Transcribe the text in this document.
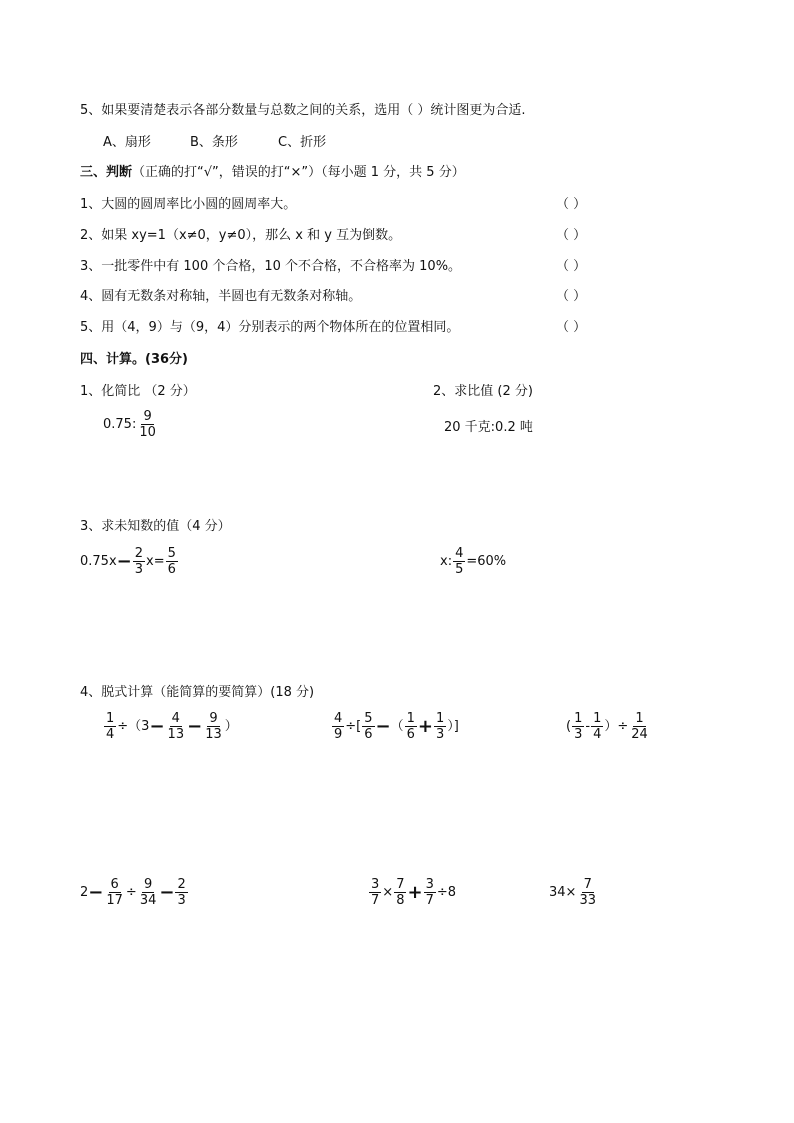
5、如果要清楚表示各部分数量与总数之间的关系，选用（ ）统计图更为合适.
A、扇形	B、条形	C、折形
三、判断（正确的打“√”，错误的打“×”）（每小题 1 分，共 5 分）
1、大圆的圆周率比小圆的圆周率大。	（ ）
2、如果 xy=1（x≠0，y≠0），那么 x 和 y 互为倒数。	（ ）
3、一批零件中有 100 个合格，10 个不合格，不合格率为 10%。	（ ）
4、圆有无数条对称轴，半圆也有无数条对称轴。	（ ）
5、用（4，9）与（9，4）分别表示的两个物体所在的位置相同。	（ ）
四、计算。(36分)
1、化简比 （2 分）	2、求比值 (2 分)
0.75: $\frac{9}{10}$	20 千克:0.2 吨
3、求未知数的值（4 分）
$0.75x - \frac{2}{3} x= \frac{5}{6}$	x: $\frac{4}{5} =60\%$
4、脱式计算（能简算的要简算）(18 分)
$\frac{1}{4} \div(3 - \frac{4}{13} - \frac{9}{13}$ ）	$\frac{4}{9}$ ÷[ $\frac{5}{6}$ − （ $\frac{1}{6} + \frac{1}{3}$ ）]	( $\frac{1}{3} - \frac{1}{4}$ ）÷ $\frac{1}{24}$
$2 - \frac{6}{17} \div \frac{9}{34} - \frac{2}{3}$	$\frac{3}{7} \times \frac{7}{8} + \frac{3}{7} \div 8$	$34\times \frac{7}{33}$
